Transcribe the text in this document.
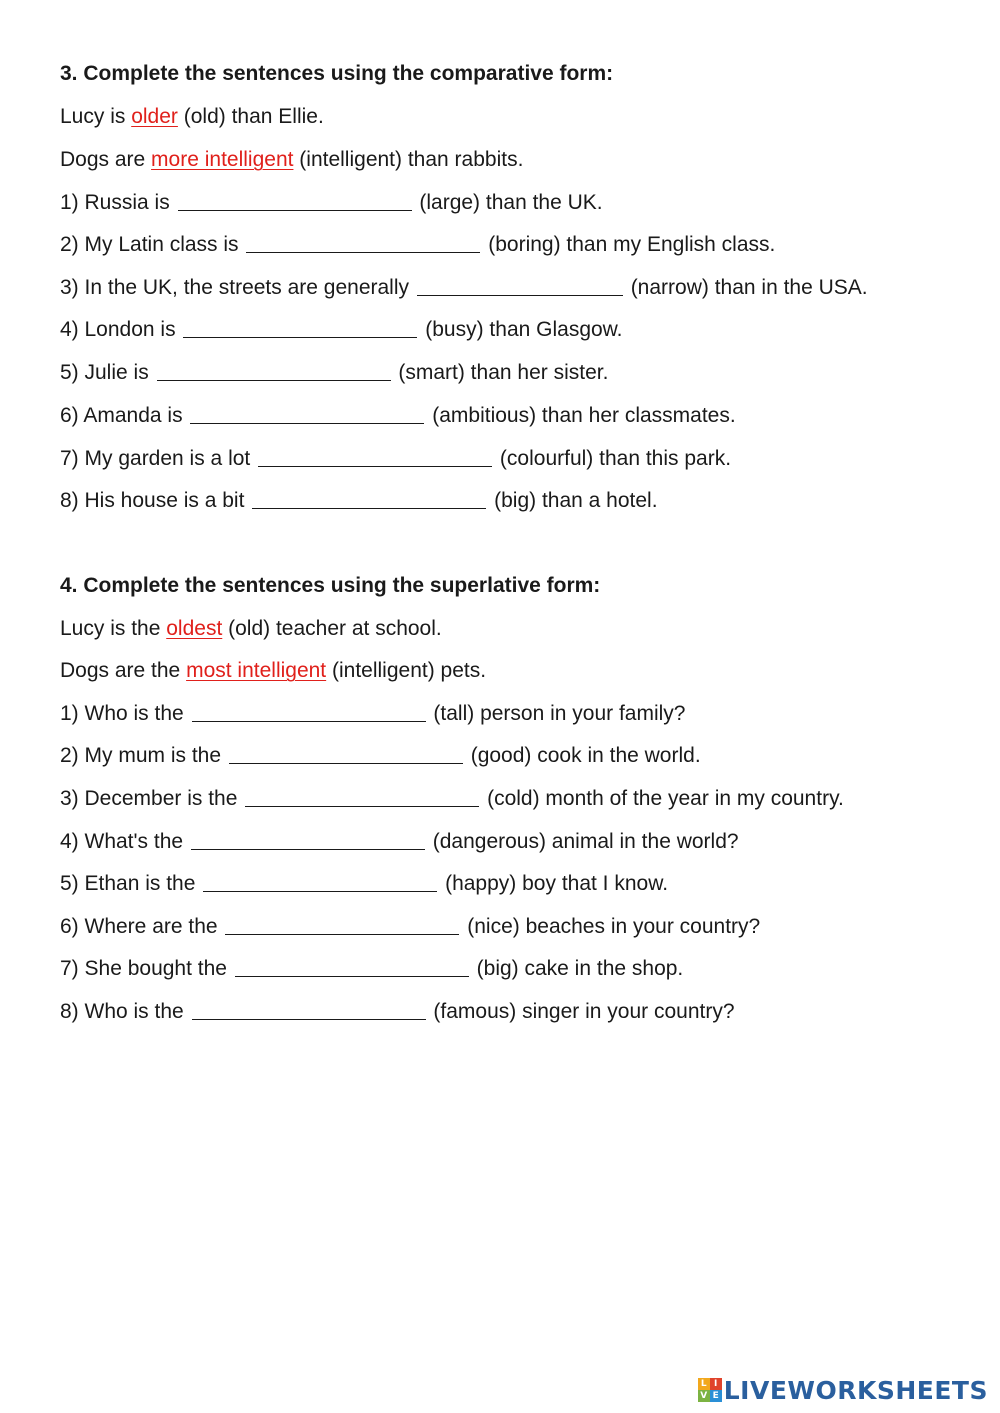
3. Complete the sentences using the comparative form:
Lucy is older (old) than Ellie.
Dogs are more intelligent (intelligent) than rabbits.
1) Russia is	(large) than the UK.
2) My Latin class is	(boring) than my English class.
3) In the UK, the streets are generally	(narrow) than in the USA.
4) London is	(busy) than Glasgow.
5) Julie is	(smart) than her sister.
6) Amanda is	(ambitious) than her classmates.
7) My garden is a lot	(colourful) than this park.
8) His house is a bit	(big) than a hotel.
4. Complete the sentences using the superlative form:
Lucy is the oldest (old) teacher at school.
Dogs are the most intelligent (intelligent) pets.
1) Who is the	(tall) person in your family?
2) My mum is the	(good) cook in the world.
3) December is the	(cold) month of the year in my country.
4) What's the	(dangerous) animal in the world?
5) Ethan is the	(happy) boy that I know.
6) Where are the	(nice) beaches in your country?
7) She bought the	(big) cake in the shop.
8) Who is the	(famous) singer in your country?
L I
V E LIVEWORKSHEETS
